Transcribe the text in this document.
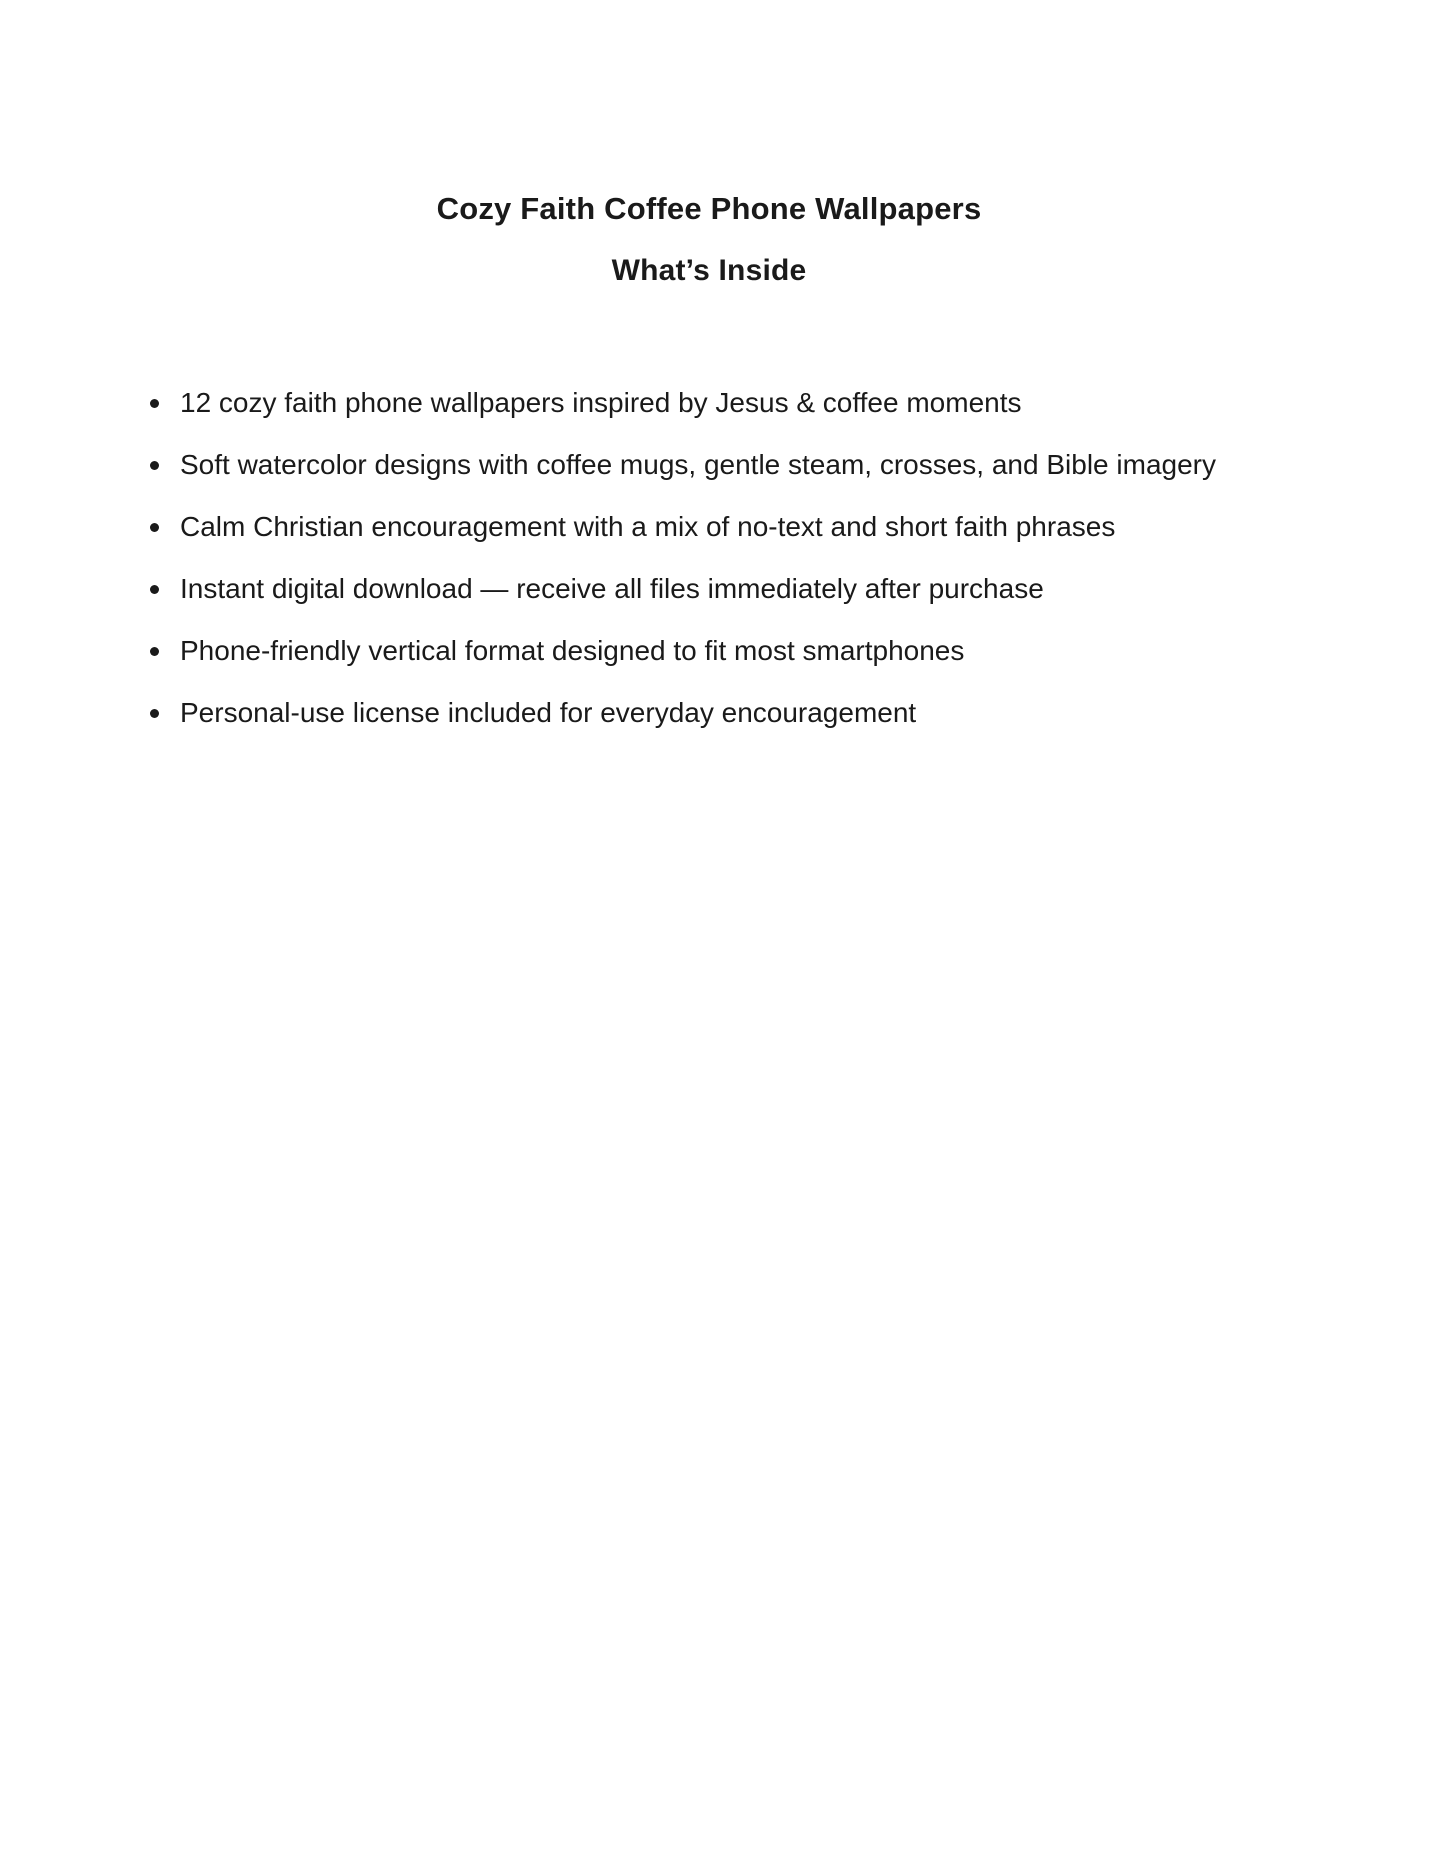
Cozy Faith Coffee Phone Wallpapers
What’s Inside
12 cozy faith phone wallpapers inspired by Jesus & coffee moments
Soft watercolor designs with coffee mugs, gentle steam, crosses, and Bible imagery
Calm Christian encouragement with a mix of no-text and short faith phrases
Instant digital download — receive all files immediately after purchase
Phone-friendly vertical format designed to fit most smartphones
Personal-use license included for everyday encouragement
